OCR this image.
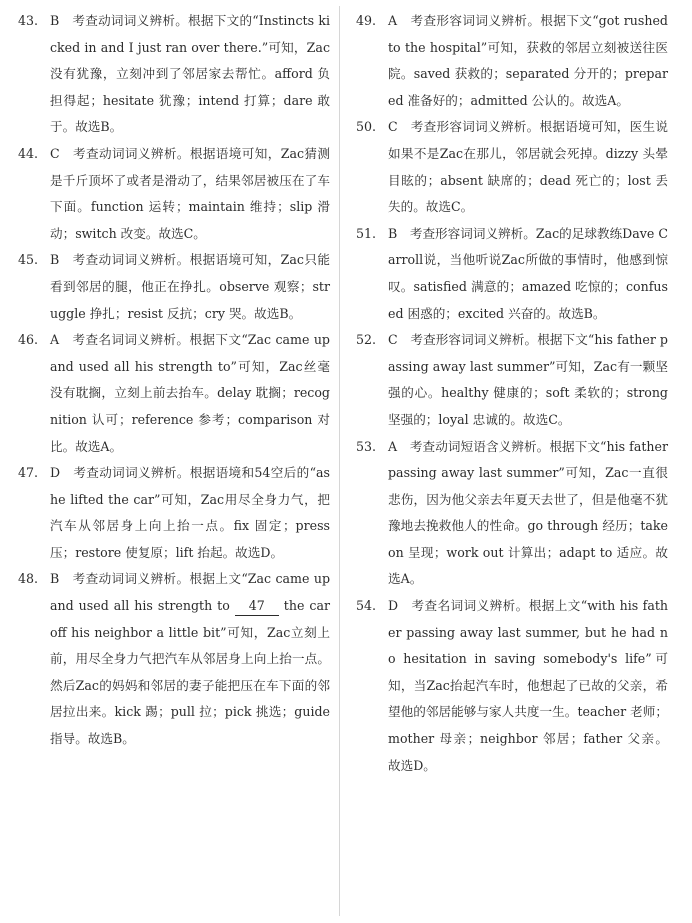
43. B　考查动词词义辨析。根据下文的“Instincts kicked in and I just ran over there.”可知，Zac没有犹豫，立刻冲到了邻居家去帮忙。afford 负担得起；hesitate 犹豫；intend 打算；dare 敢于。故选B。
44. C　考查动词词义辨析。根据语境可知，Zac猜测是千斤顶坏了或者是滑动了，结果邻居被压在了车下面。function 运转；maintain 维持；slip 滑动；switch 改变。故选C。
45. B　考查动词词义辨析。根据语境可知，Zac只能看到邻居的腿，他正在挣扎。observe 观察；struggle 挣扎；resist 反抗；cry 哭。故选B。
46. A　考查名词词义辨析。根据下文“Zac came up and used all his strength to”可知，Zac丝毫没有耽搁，立刻上前去抬车。delay 耽搁；recognition 认可；reference 参考；comparison 对比。故选A。
47. D　考查动词词义辨析。根据语境和54空后的“as he lifted the car”可知，Zac用尽全身力气，把汽车从邻居身上向上抬一点。fix 固定；press 压；restore 使复原；lift 抬起。故选D。
48. B　考查动词词义辨析。根据上文“Zac came up and used all his strength to 47 the car off his neighbor a little bit”可知，Zac立刻上前，用尽全身力气把汽车从邻居身上向上抬一点。然后Zac的妈妈和邻居的妻子能把压在车下面的邻居拉出来。kick 踢；pull 拉；pick 挑选；guide 指导。故选B。
49. A　考查形容词词义辨析。根据下文“got rushed to the hospital”可知，获救的邻居立刻被送往医院。saved 获救的；separated 分开的；prepared 准备好的；admitted 公认的。故选A。
50. C　考查形容词词义辨析。根据语境可知，医生说如果不是Zac在那儿，邻居就会死掉。dizzy 头晕目眩的；absent 缺席的；dead 死亡的；lost 丢失的。故选C。
51. B　考查形容词词义辨析。Zac的足球教练Dave Carroll说，当他听说Zac所做的事情时，他感到惊叹。satisfied 满意的；amazed 吃惊的；confused 困惑的；excited 兴奋的。故选B。
52. C　考查形容词词义辨析。根据下文“his father passing away last summer”可知，Zac有一颗坚强的心。healthy 健康的；soft 柔软的；strong 坚强的；loyal 忠诚的。故选C。
53. A　考查动词短语含义辨析。根据下文“his father passing away last summer”可知，Zac一直很悲伤，因为他父亲去年夏天去世了，但是他毫不犹豫地去挽救他人的性命。go through 经历；take on 呈现；work out 计算出；adapt to 适应。故选A。
54. D　考查名词词义辨析。根据上文“with his father passing away last summer, but he had no hesitation in saving somebody's life”可知，当Zac抬起汽车时，他想起了已故的父亲，希望他的邻居能够与家人共度一生。teacher 老师；mother 母亲；neighbor 邻居；father 父亲。故选D。
